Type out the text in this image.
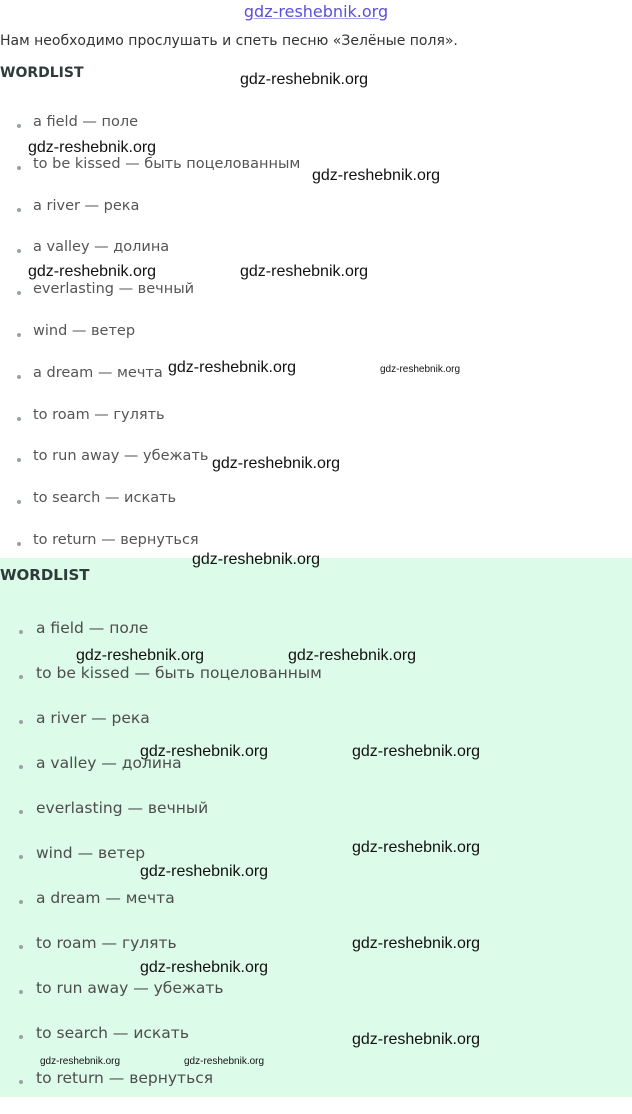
gdz-reshebnik.org
Нам необходимо прослушать и спеть песню «Зелёные поля».
WORDLIST
a field — поле
to be kissed — быть поцелованным
a river — река
a valley — долина
everlasting — вечный
wind — ветер
a dream — мечта
to roam — гулять
to run away — убежать
to search — искать
to return — вернуться
WORDLIST
a field — поле
to be kissed — быть поцелованным
a river — река
a valley — долина
everlasting — вечный
wind — ветер
a dream — мечта
to roam — гулять
to run away — убежать
to search — искать
to return — вернуться
gdz-reshebnik.org
gdz-reshebnik.org
gdz-reshebnik.org
gdz-reshebnik.org	gdz-reshebnik.org
gdz-reshebnik.org	gdz-reshebnik.org
gdz-reshebnik.org
gdz-reshebnik.org
gdz-reshebnik.org	gdz-reshebnik.org
gdz-reshebnik.org	gdz-reshebnik.org
gdz-reshebnik.org
gdz-reshebnik.org
gdz-reshebnik.org
gdz-reshebnik.org
gdz-reshebnik.org
gdz-reshebnik.org	gdz-reshebnik.org
